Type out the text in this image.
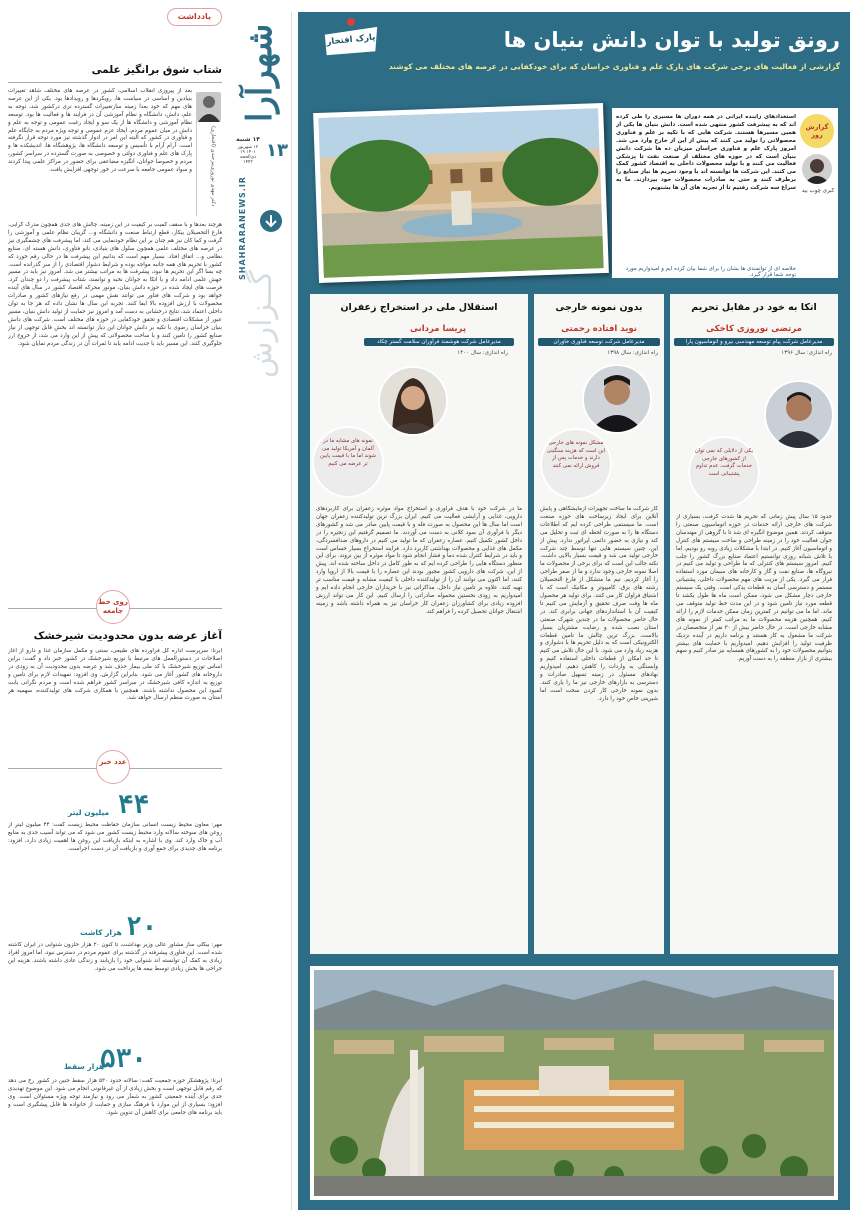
یادداشت
شتاب شوق برانگیز علمی
دکتر مهدی نوروزی‌بیرجندی (افتخاری)
بعد از پیروزی انقلاب اسلامی، کشور در عرصه های مختلف شاهد تغییرات بنیادین و اساسی در سیاست ها، رویکردها و رویدادها بود. یکی از این عرصه های مهم که خود بعدا زمینه سازتغییرات گسترده تری درکشور شد، توجه به علم، دانش، دانشگاه و نظام آموزشی آن در فرایند ها و فعالیت ها بود. توسعه نظام آموزشی و دانشگاه ها از یک سو و ایجاد رغبت عمومی و توجه به علم و دانش در میان عموم مردم، ایجاد عزم عمومی و توجه ویژه مردم به جایگاه علم و فناوری در کشور که البته این امر در ادوار گذشته نیز مورد توجه قرار نگرفته است. آرام آرام با تأسیس و توسعه دانشگاه ها، پژوهشگاه ها، اندیشکده ها و پارک های علم و فناوری دولتی و خصوصی به صورت گسترده در سراسر کشور، مردم و خصوصا جوانان، انگیزه مضاعفی برای حضور در مراکز علمی پیدا کردند و سواد عمومی جامعه با سرعت در خور توجهی افزایش یافت.
هرچند بعدها و با سقف کمیت بر کیفیت در این زمینه، چالش های جدی همچون مدرک گرایی، فارغ التحصیلان بیکار، قطع ارتباط صنعت و دانشگاه و... گریبان نظام علمی و آموزشی را گرفت و کما کان نیز هم چنان بر این نظام خودنمایی می کند، اما پیشرفت های چشمگیری نیز در عرصه های مختلف علمی همچون سلول های بنیادی، نانو فناوری، دانش هسته ای، صنایع نظامی و... اتفاق افتاد. بسیار مهم است که بدانیم این پیشرفت ها در حالی رقم خورد که کشور با تحریم های همه جانبه مواجه بوده و شرایط دشوار اقتصادی را از سر گذرانده است. چه بسا اگر این تحریم ها نبود، پیشرفت ها به مراتب بیشتر می شد. امروز نیز باید در مسیر جهش علمی ادامه داد و با اتکا به جوانان نخبه و توانمند، شتاب پیشرفت را دو چندان کرد. فرصت های ایجاد شده در حوزه دانش بنیان، موتور محرکه اقتصاد کشور در سال های آینده خواهد بود و شرکت های فناور می توانند نقش مهمی در رفع نیازهای کشور و صادرات محصولات با ارزش افزوده بالا ایفا کنند. تجربه این سال ها نشان داده که هر جا به توان داخلی اعتماد شد، نتایج درخشانی به دست آمد و امروز نیز حمایت از تولید دانش بنیان، مسیر عبور از مشکلات اقتصادی و تحقق خودکفایی در حوزه های مختلف است. شرکت های دانش بنیان خراسان رضوی با تکیه بر دانش جوانان این دیار توانسته اند بخش قابل توجهی از نیاز صنایع کشور را تامین کنند و با ساخت محصولاتی که پیش از این وارد می شد، از خروج ارز جلوگیری کنند. این مسیر باید با جدیت ادامه یابد تا ثمرات آن در زندگی مردم نمایان شود.
روی خط جامعه
آغاز عرضه بدون محدودیت شیرخشک
ایرنا: سرپرست اداره کل فرآورده های طبیعی، سنتی و مکمل سازمان غذا و دارو از آغاز اصلاحات در دستورالعمل های مرتبط با توزیع شیرخشک در کشور خبر داد و گفت: براین اساس توزیع شیرخشک با کد ملی بیمار حذف شد و عرضه بدون محدودیت آن به زودی در داروخانه های کشور آغاز می شود. بنابراین گزارش، وی افزود: تمهیدات لازم برای تامین و توزیع به اندازه کافی شیرخشک در سراسر کشور فراهم شده است و مردم نگرانی بابت کمبود این محصول نداشته باشند. همچنین با همکاری شرکت های تولیدکننده، سهمیه هر استان به صورت منظم ارسال خواهد شد.
عدد خبر
۴۴
میلیون لیتر
مهر: معاون محیط زیست انسانی سازمان حفاظت محیط زیست گفت: ۴۴ میلیون لیتر از روغن های سوخته سالانه وارد محیط زیست کشور می شود که می تواند آسیب جدی به منابع آب و خاک وارد کند. وی با اشاره به اینکه بازیافت این روغن ها اهمیت زیادی دارد، افزود: برنامه های جدیدی برای جمع آوری و بازیافت آن در دست اجراست.
۲۰
هزار کاشت
مهر: بیگلی ساز مشاور عالی وزیر بهداشت، تا کنون ۲۰ هزار حلزون شنوایی در ایران کاشته شده است. این فناوری پیشرفته در گذشته برای عموم مردم در دسترس نبود، اما امروز افراد زیادی به کمک آن توانسته اند شنوایی خود را بازیابند و زندگی عادی داشته باشند. هزینه این جراحی ها بخش زیادی توسط بیمه ها پرداخت می شود.
۵۳۰
هزار سقط
ایرنا: پژوهشگر حوزه جمعیت گفت: سالانه حدود ۵۳۰ هزار سقط جنین در کشور رخ می دهد که رقم قابل توجهی است و بخش زیادی از آن غیرقانونی انجام می شود. این موضوع تهدیدی جدی برای آینده جمعیتی کشور به شمار می رود و نیازمند توجه ویژه مسئولان است. وی افزود: بسیاری از این موارد با فرهنگ سازی و حمایت از خانواده ها قابل پیشگیری است و باید برنامه های جامعی برای کاهش آن تدوین شود.
شهرآرا
۱۴ شنبه
۱۲ شهریور ۱۴۰۱ ۱۹ ذی‌الحجه ۱۴۴۳
۱۳
SHAHRARANEWS.IR
گــزارش
پارک افتخار	رونق تولید با توان دانش بنیان ها
گزارشی از فعالیت های برخی شرکت های پارک علم و فناوری خراسان که برای خودکفایی در عرصه های مختلف می کوشند
گزارش روز
کبری چوب بید
استعدادهای زاینده ایرانی در همه دوران ها مسیری را طی کرده اند که به پیشرفت کشور منتهی شده است. دانش بنیان ها یکی از همین مسیرها هستند. شرکت هایی که با تکیه بر علم و فناوری محصولاتی را تولید می کنند که پیش از این از خارج وارد می شد. امروز پارک علم و فناوری خراسان میزبان ده ها شرکت دانش بنیان است که در حوزه های مختلف از صنعت نفت تا پزشکی فعالیت می کنند و با تولید محصولات داخلی به اقتصاد کشور کمک می کنند. این شرکت ها توانسته اند با وجود تحریم ها نیاز صنایع را برطرف کنند و حتی به صادرات محصولات خود بپردازند. ما به سراغ سه شرکت رفتیم تا از تجربه های آن ها بشنویم.
خلاصه ای از توانمندی ها یشان را برای شما بیان کرده ایم و امیدواریم مورد توجه شما قرار گیرد.
اتکا به خود در مقابل تحریم
مرتضی نوروزی کاخکی
مدیرعامل شرکت پیام توسعه مهندسی نیرو و اتوماسیون پارا
راه اندازی: سال ۱۳۹۶
یکی از دلایلی که نمی توان از کشورهای خارجی خدمات گرفت، عدم تداوم پشتیبانی است
حدود ۱۵ سال پیش زمانی که تحریم ها شدت گرفت، بسیاری از شرکت های خارجی ارائه خدمات در حوزه اتوماسیون صنعتی را متوقف کردند. همین موضوع انگیزه ای شد تا با گروهی از مهندسان جوان فعالیت خود را در زمینه طراحی و ساخت سیستم های کنترل و اتوماسیون آغاز کنیم. در ابتدا با مشکلات زیادی روبه رو بودیم، اما با تلاش شبانه روزی توانستیم اعتماد صنایع بزرگ کشور را جلب کنیم. امروز سیستم های کنترلی که ما طراحی و تولید می کنیم در نیروگاه ها، صنایع نفت و گاز و کارخانه های سیمان مورد استفاده قرار می گیرد. یکی از مزیت های مهم محصولات داخلی، پشتیبانی مستمر و دسترسی آسان به قطعات یدکی است. وقتی یک سیستم خارجی دچار مشکل می شود، ممکن است ماه ها طول بکشد تا قطعه مورد نیاز تامین شود و در این مدت خط تولید متوقف می ماند. اما ما می توانیم در کمترین زمان ممکن خدمات لازم را ارائه کنیم. همچنین هزینه محصولات ما به مراتب کمتر از نمونه های مشابه خارجی است. در حال حاضر بیش از ۳۰ نفر از متخصصان در شرکت ما مشغول به کار هستند و برنامه داریم در آینده نزدیک ظرفیت تولید را افزایش دهیم. امیدواریم با حمایت های بیشتر بتوانیم محصولات خود را به کشورهای همسایه نیز صادر کنیم و سهم بیشتری از بازار منطقه را به دست آوریم.
بدون نمونه خارجی
نوید افتاده رحمتی
مدیرعامل شرکت توسعه فناوری خاوران
راه اندازی: سال ۱۳۹۸
مشکل نمونه های خارجی این است که هزینه سنگینی دارند و خدمات پس از فروش ارائه نمی کنند
کار شرکت ما ساخت تجهیزات آزمایشگاهی و پایش آنلاین برای ایجاد زیرساخت های حوزه صنعت است. ما سیستمی طراحی کرده ایم که اطلاعات دستگاه ها را به صورت لحظه ای ثبت و تحلیل می کند و نیازی به حضور دائمی اپراتور ندارد. پیش از این، چنین سیستم هایی تنها توسط چند شرکت خارجی تولید می شد و قیمت بسیار بالایی داشت. نکته جالب این است که برای برخی از محصولات ما اصلا نمونه خارجی وجود ندارد و ما از صفر طراحی را آغاز کردیم. تیم ما متشکل از فارغ التحصیلان رشته های برق، کامپیوتر و مکانیک است که با اشتیاق فراوان کار می کنند. برای تولید هر محصول ماه ها وقت صرف تحقیق و آزمایش می کنیم تا کیفیت آن با استانداردهای جهانی برابری کند. در حال حاضر محصولات ما در چندین شهرک صنعتی استان نصب شده و رضایت مشتریان بسیار بالاست. بزرگ ترین چالش ما تامین قطعات الکترونیکی است که به دلیل تحریم ها با دشواری و هزینه زیاد وارد می شود. با این حال تلاش می کنیم تا حد امکان از قطعات داخلی استفاده کنیم و وابستگی به واردات را کاهش دهیم. امیدواریم نهادهای مسئول در زمینه تسهیل صادرات و دسترسی به بازارهای خارجی نیز ما را یاری کنند. بدون نمونه خارجی کار کردن سخت است اما شیرینی خاص خود را دارد.
استقلال ملی در استخراج زعفران
پریسا مردانی
مدیرعامل شرکت هوشمند فرآوران سلامت گستر چکاد
راه اندازی: سال ۱۴۰۰
نمونه های مشابه ما در آلمان و آمریکا تولید می شوند اما ما با قیمت پایین تر عرضه می کنیم
ما در شرکت خود با هدف فرآوری و استخراج مواد موثره زعفران برای کاربردهای دارویی، غذایی و آرایشی فعالیت می کنیم. ایران بزرگ ترین تولیدکننده زعفران جهان است اما سال ها این محصول به صورت فله و با قیمت پایین صادر می شد و کشورهای دیگر با فرآوری آن سود کلانی به دست می آوردند. ما تصمیم گرفتیم این زنجیره را در داخل کشور تکمیل کنیم. عصاره زعفران که ما تولید می کنیم در داروهای ضدافسردگی، مکمل های غذایی و محصولات بهداشتی کاربرد دارد. فرایند استخراج بسیار حساس است و باید در شرایط کنترل شده دما و فشار انجام شود تا مواد موثره از بین نروند. برای این منظور دستگاه هایی را طراحی کرده ایم که به طور کامل در داخل ساخته شده اند. پیش از این، شرکت های دارویی کشور مجبور بودند این عصاره را با قیمت بالا از اروپا وارد کنند، اما اکنون می توانند آن را از تولیدکننده داخلی با کیفیت مشابه و قیمت مناسب تر تهیه کنند. علاوه بر تامین نیاز داخل، مذاکراتی نیز با خریداران خارجی انجام داده ایم و امیدواریم به زودی نخستین محموله صادراتی را ارسال کنیم. این کار می تواند ارزش افزوده زیادی برای کشاورزان زعفران کار خراسان نیز به همراه داشته باشد و زمینه اشتغال جوانان تحصیل کرده را فراهم کند.
